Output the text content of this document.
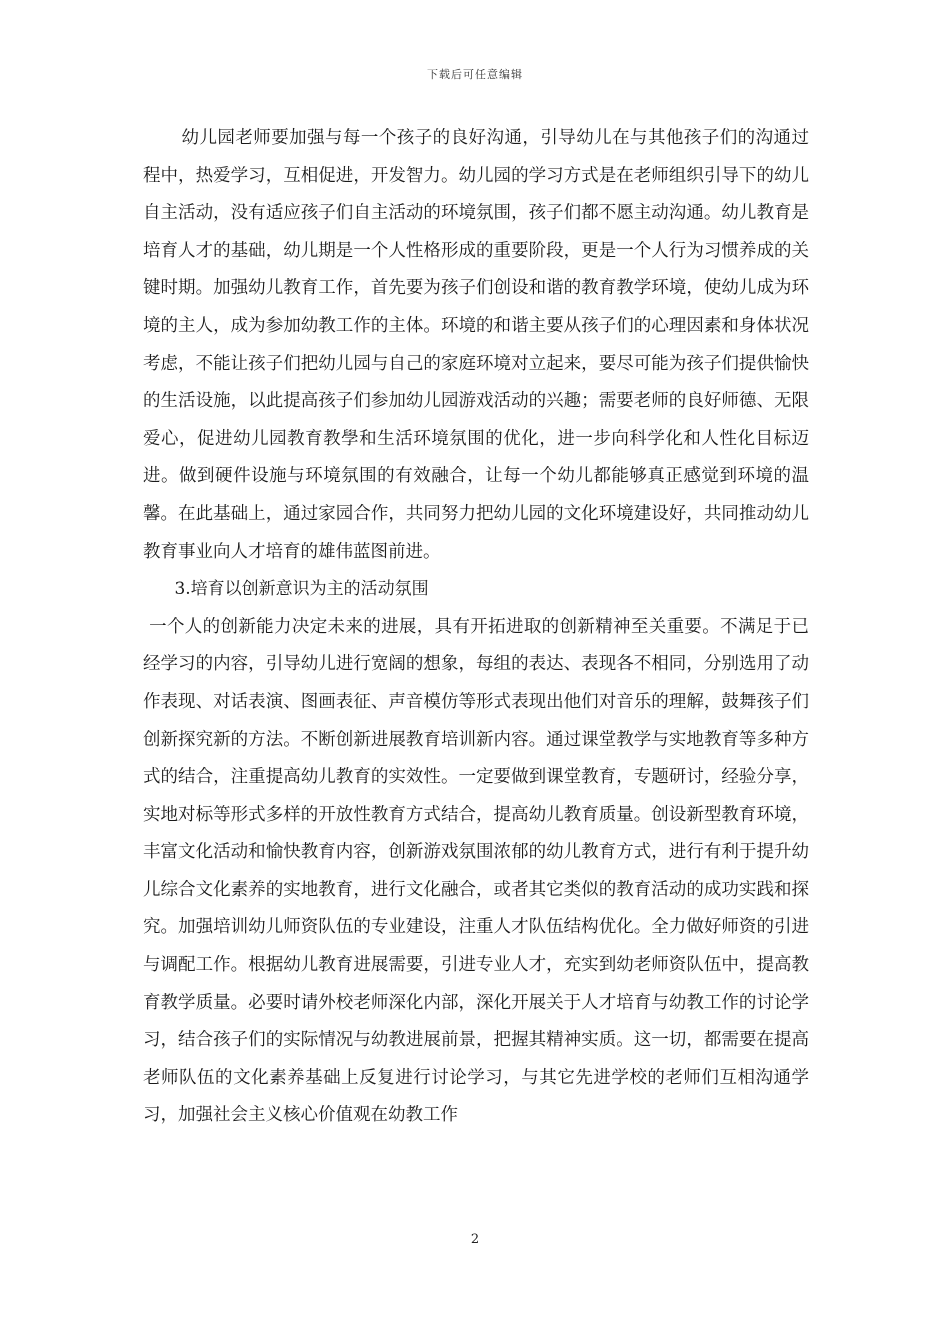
下载后可任意编辑

幼儿园老师要加强与每一个孩子的良好沟通，引导幼儿在与其他孩子们的沟通过程中，热爱学习，互相促进，开发智力。幼儿园的学习方式是在老师组织引导下的幼儿自主活动，没有适应孩子们自主活动的环境氛围，孩子们都不愿主动沟通。幼儿教育是培育人才的基础，幼儿期是一个人性格形成的重要阶段，更是一个人行为习惯养成的关键时期。加强幼儿教育工作，首先要为孩子们创设和谐的教育教学环境，使幼儿成为环境的主人，成为参加幼教工作的主体。环境的和谐主要从孩子们的心理因素和身体状况考虑，不能让孩子们把幼儿园与自己的家庭环境对立起来，要尽可能为孩子们提供愉快的生活设施，以此提高孩子们参加幼儿园游戏活动的兴趣；需要老师的良好师德、无限爱心，促进幼儿园教育教學和生活环境氛围的优化，进一步向科学化和人性化目标迈进。做到硬件设施与环境氛围的有效融合，让每一个幼儿都能够真正感觉到环境的温馨。在此基础上，通过家园合作，共同努力把幼儿园的文化环境建设好，共同推动幼儿教育事业向人才培育的雄伟蓝图前进。

3.培育以创新意识为主的活动氛围

一个人的创新能力决定未来的进展，具有开拓进取的创新精神至关重要。不满足于已经学习的内容，引导幼儿进行宽阔的想象，每组的表达、表现各不相同，分别选用了动作表现、对话表演、图画表征、声音模仿等形式表现出他们对音乐的理解，鼓舞孩子们创新探究新的方法。不断创新进展教育培训新内容。通过课堂教学与实地教育等多种方式的结合，注重提高幼儿教育的实效性。一定要做到课堂教育，专题研讨，经验分享，实地对标等形式多样的开放性教育方式结合，提高幼儿教育质量。创设新型教育环境，丰富文化活动和愉快教育内容，创新游戏氛围浓郁的幼儿教育方式，进行有利于提升幼儿综合文化素养的实地教育，进行文化融合，或者其它类似的教育活动的成功实践和探究。加强培训幼儿师资队伍的专业建设，注重人才队伍结构优化。全力做好师资的引进与调配工作。根据幼儿教育进展需要，引进专业人才，充实到幼老师资队伍中，提高教育教学质量。必要时请外校老师深化内部，深化开展关于人才培育与幼教工作的讨论学习，结合孩子们的实际情况与幼教进展前景，把握其精神实质。这一切，都需要在提高老师队伍的文化素养基础上反复进行讨论学习，与其它先进学校的老师们互相沟通学习，加强社会主义核心价值观在幼教工作

2
